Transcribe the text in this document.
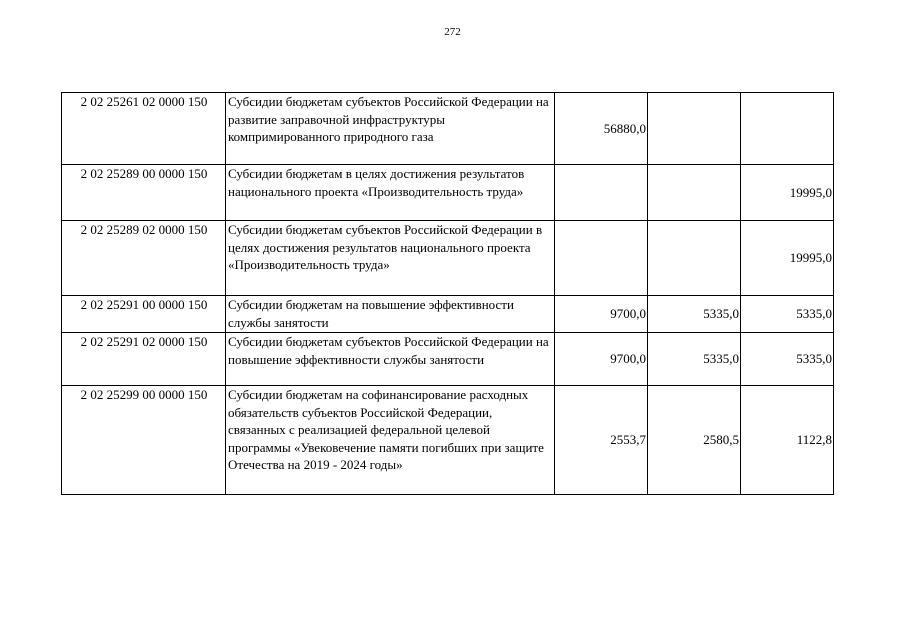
272
2 02 25261 02 0000 150	Субсидии бюджетам субъектов Российской Федерации на развитие заправочной инфраструктуры компримированного природного газа	56880,0		
2 02 25289 00 0000 150	Субсидии бюджетам в целях достижения результатов национального проекта «Производительность труда»			19995,0
2 02 25289 02 0000 150	Субсидии бюджетам субъектов Российской Федерации в целях достижения результатов национального проекта «Производительность труда»			19995,0
2 02 25291 00 0000 150	Субсидии бюджетам на повышение эффективности службы занятости	9700,0	5335,0	5335,0
2 02 25291 02 0000 150	Субсидии бюджетам субъектов Российской Федерации на повышение эффективности службы занятости	9700,0	5335,0	5335,0
2 02 25299 00 0000 150	Субсидии бюджетам на софинансирование расходных обязательств субъектов Российской Федерации, связанных с реализацией федеральной целевой программы «Увековечение памяти погибших при защите Отечества на 2019 - 2024 годы»	2553,7	2580,5	1122,8
